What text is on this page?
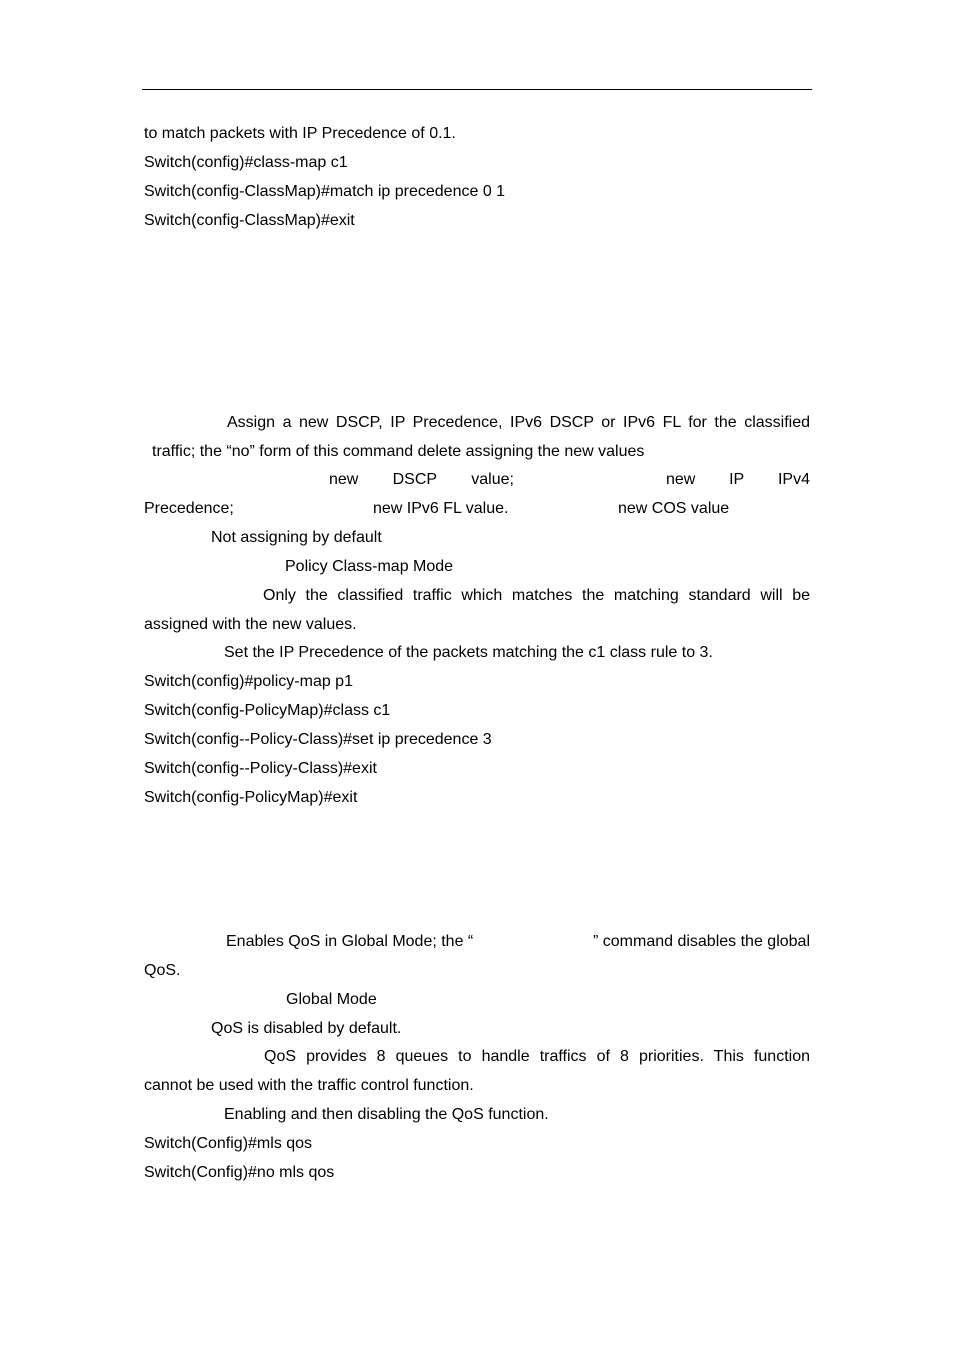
to match packets with IP Precedence of 0.1.
Switch(config)#class-map c1
Switch(config-ClassMap)#match ip precedence 0 1
Switch(config-ClassMap)#exit
Assign a new DSCP, IP Precedence, IPv6 DSCP or IPv6 FL for the classified
traffic; the “no” form of this command delete assigning the new values
new DSCP value;	new IP IPv4
Precedence;	new IPv6 FL value.	new COS value
Not assigning by default
Policy Class-map Mode
Only the classified traffic which matches the matching standard will be
assigned with the new values.
Set the IP Precedence of the packets matching the c1 class rule to 3.
Switch(config)#policy-map p1
Switch(config-PolicyMap)#class c1
Switch(config--Policy-Class)#set ip precedence 3
Switch(config--Policy-Class)#exit
Switch(config-PolicyMap)#exit
Enables QoS in Global Mode; the “	” command disables the global
QoS.
Global Mode
QoS is disabled by default.
QoS provides 8 queues to handle traffics of 8 priorities. This function
cannot be used with the traffic control function.
Enabling and then disabling the QoS function.
Switch(Config)#mls qos
Switch(Config)#no mls qos
